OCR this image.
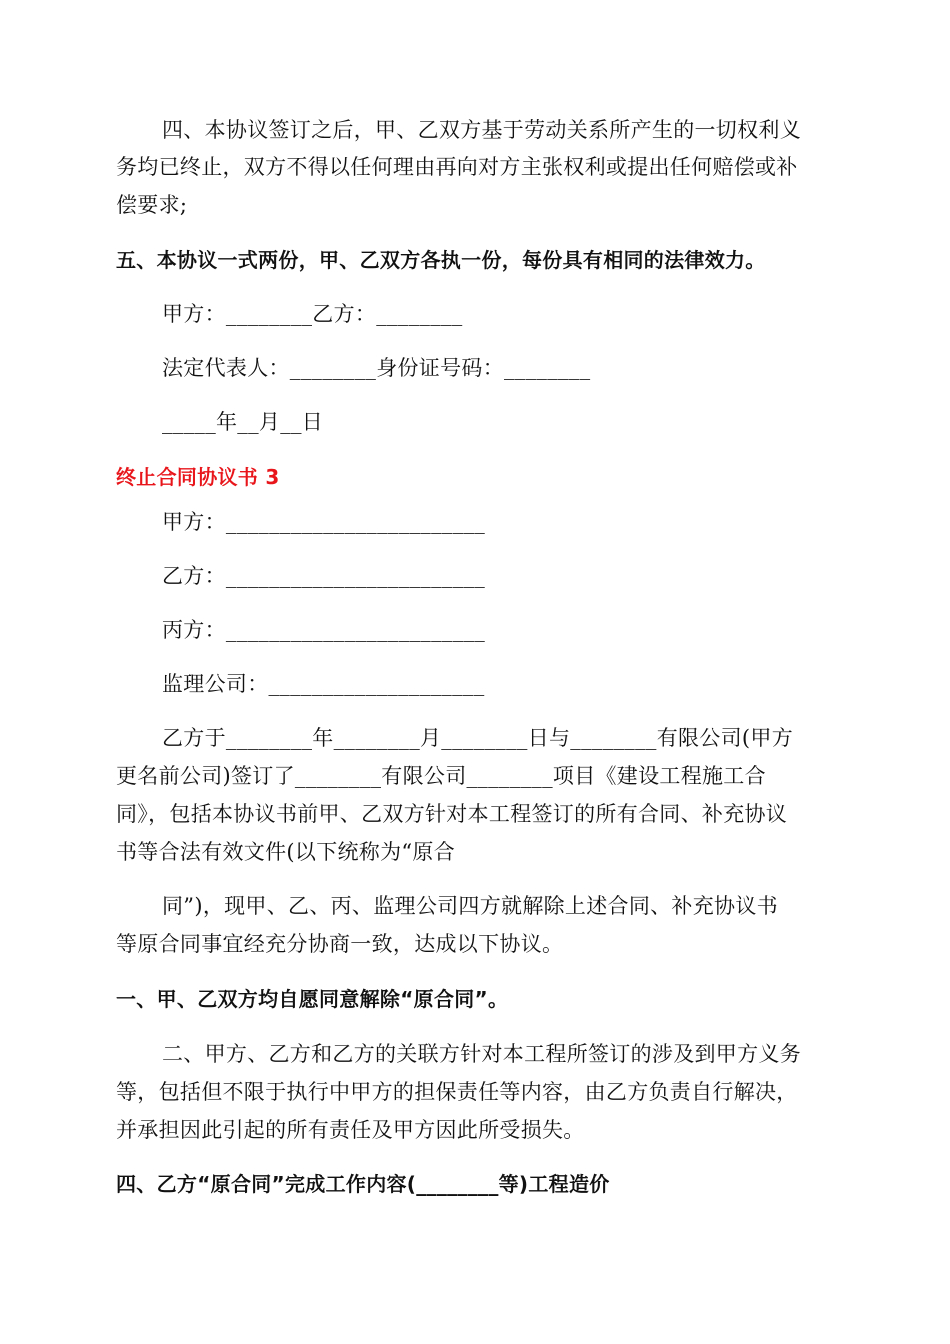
四、本协议签订之后，甲、乙双方基于劳动关系所产生的一切权利义
务均已终止，双方不得以任何理由再向对方主张权利或提出任何赔偿或补
偿要求;
五、本协议一式两份，甲、乙双方各执一份，每份具有相同的法律效力。
甲方：________乙方：________
法定代表人：________身份证号码：________
_____年__月__日
终止合同协议书 3
甲方：________________________
乙方：________________________
丙方：________________________
监理公司：____________________
乙方于________年________月________日与________有限公司(甲方
更名前公司)签订了________有限公司________项目《建设工程施工合
同》，包括本协议书前甲、乙双方针对本工程签订的所有合同、补充协议
书等合法有效文件(以下统称为“原合
同”)，现甲、乙、丙、监理公司四方就解除上述合同、补充协议书
等原合同事宜经充分协商一致，达成以下协议。
一、甲、乙双方均自愿同意解除“原合同”。
二、甲方、乙方和乙方的关联方针对本工程所签订的涉及到甲方义务
等，包括但不限于执行中甲方的担保责任等内容，由乙方负责自行解决，
并承担因此引起的所有责任及甲方因此所受损失。
四、乙方“原合同”完成工作内容(________等)工程造价
